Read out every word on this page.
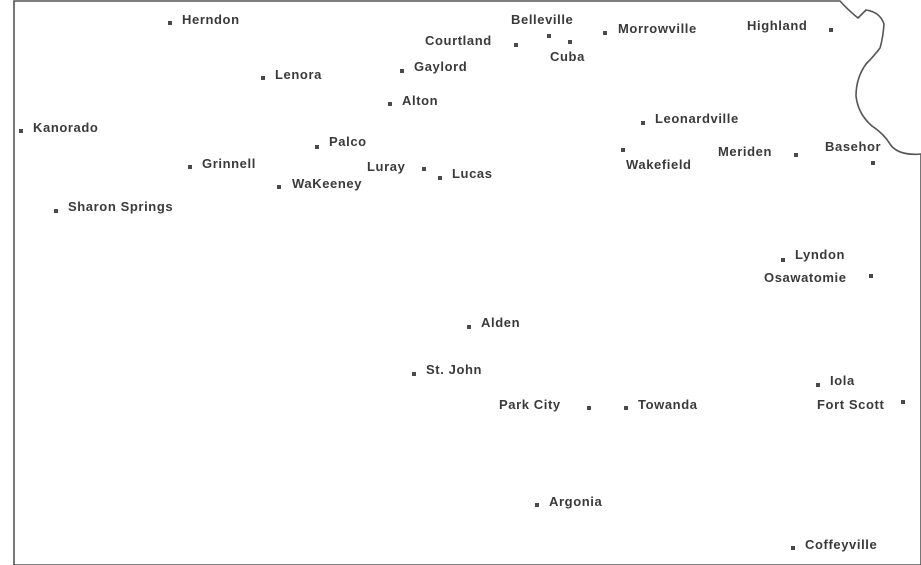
Herndon	Belleville
Courtland
Cuba
Morrowville	Highland
Lenora
Gaylord
Alton
Kanorado
Leonardville
Palco
Grinnell	Luray	Lucas
Wakefield
Meriden	Basehor
WaKeeney
Sharon Springs
Lyndon
Osawatomie
Alden
St. John
Iola
Park City	Towanda	Fort Scott
Argonia
Coffeyville
